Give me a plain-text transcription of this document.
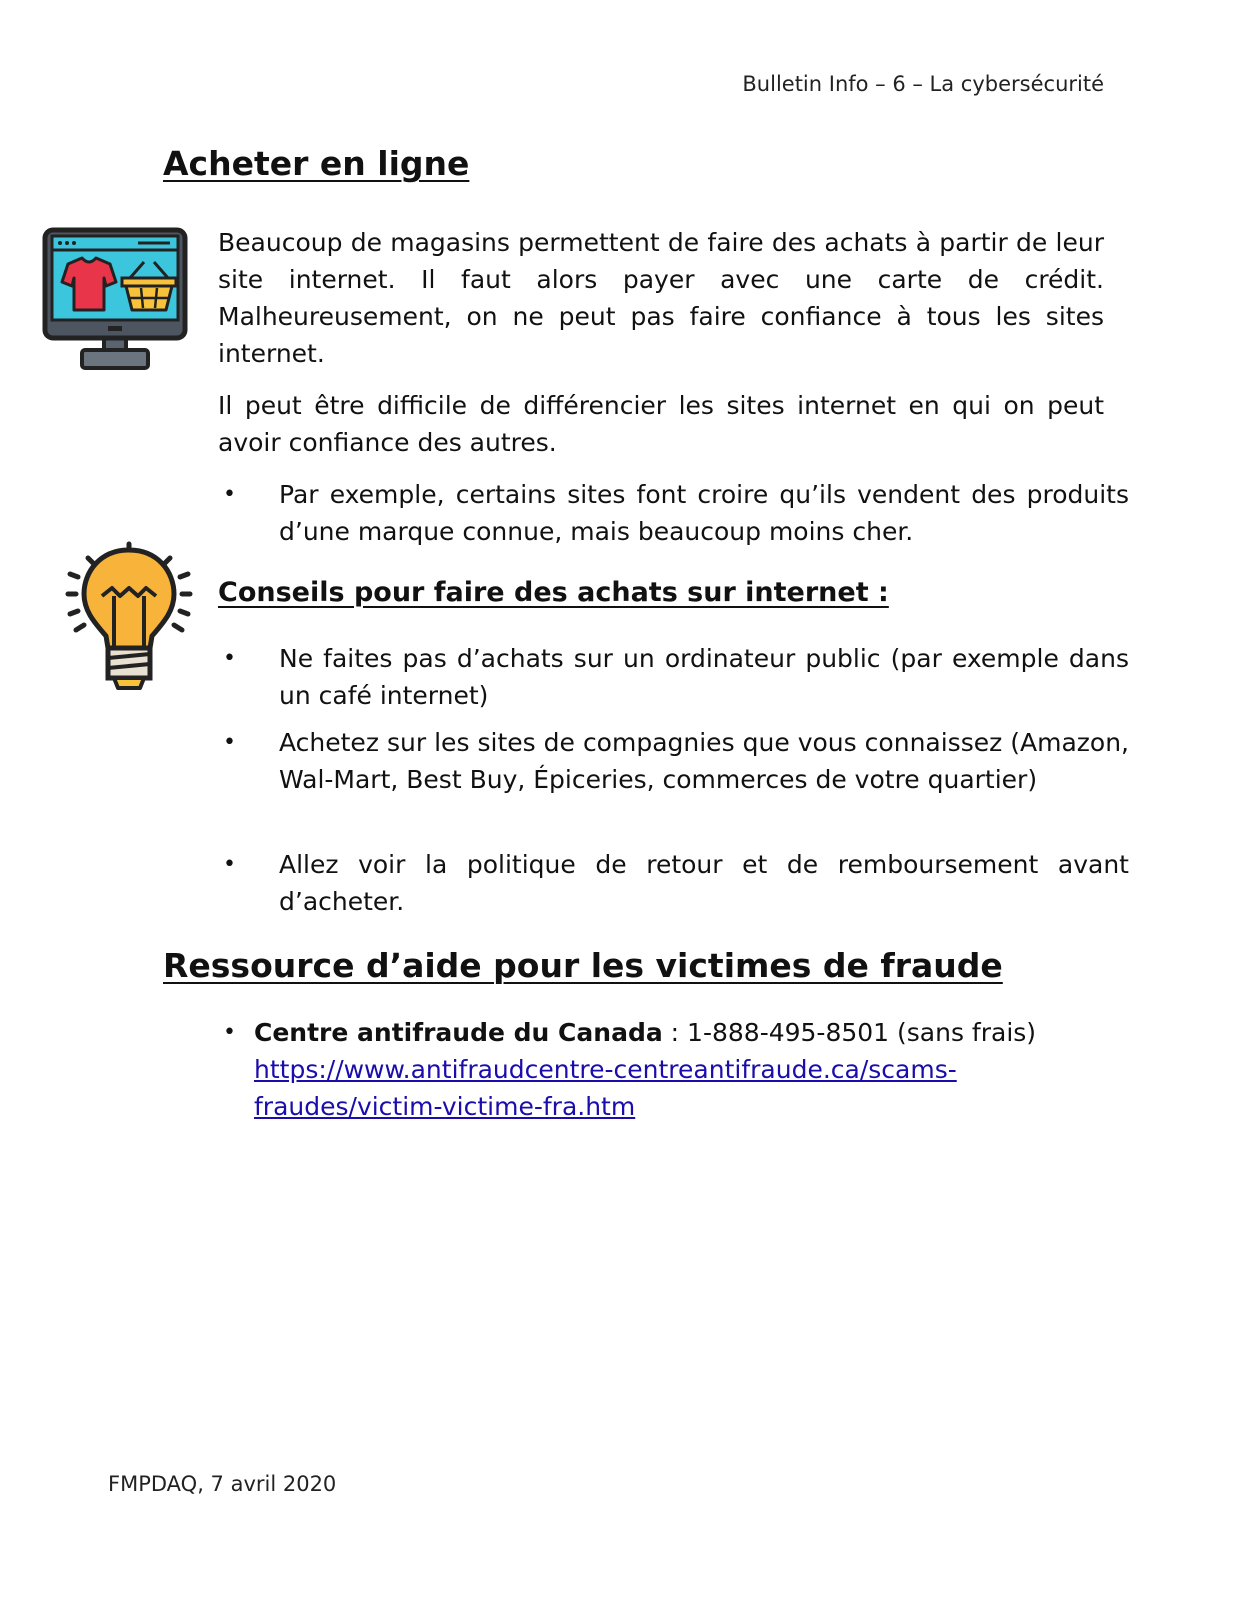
Bulletin Info – 6 – La cybersécurité
Acheter en ligne
Beaucoup de magasins permettent de faire des achats à partir de leur site internet. Il faut alors payer avec une carte de crédit. Malheureusement, on ne peut pas faire confiance à tous les sites internet.
Il peut être difficile de différencier les sites internet en qui on peut avoir confiance des autres.
• Par exemple, certains sites font croire qu’ils vendent des produits d’une marque connue, mais beaucoup moins cher.
Conseils pour faire des achats sur internet :
• Ne faites pas d’achats sur un ordinateur public (par exemple dans un café internet)
• Achetez sur les sites de compagnies que vous connaissez (Amazon, Wal-Mart, Best Buy, Épiceries, commerces de votre quartier)
• Allez voir la politique de retour et de remboursement avant d’acheter.
Ressource d’aide pour les victimes de fraude
• Centre antifraude du Canada : 1-888-495-8501 (sans frais)
https://www.antifraudcentre-centreantifraude.ca/scams-
fraudes/victim-victime-fra.htm
FMPDAQ, 7 avril 2020
